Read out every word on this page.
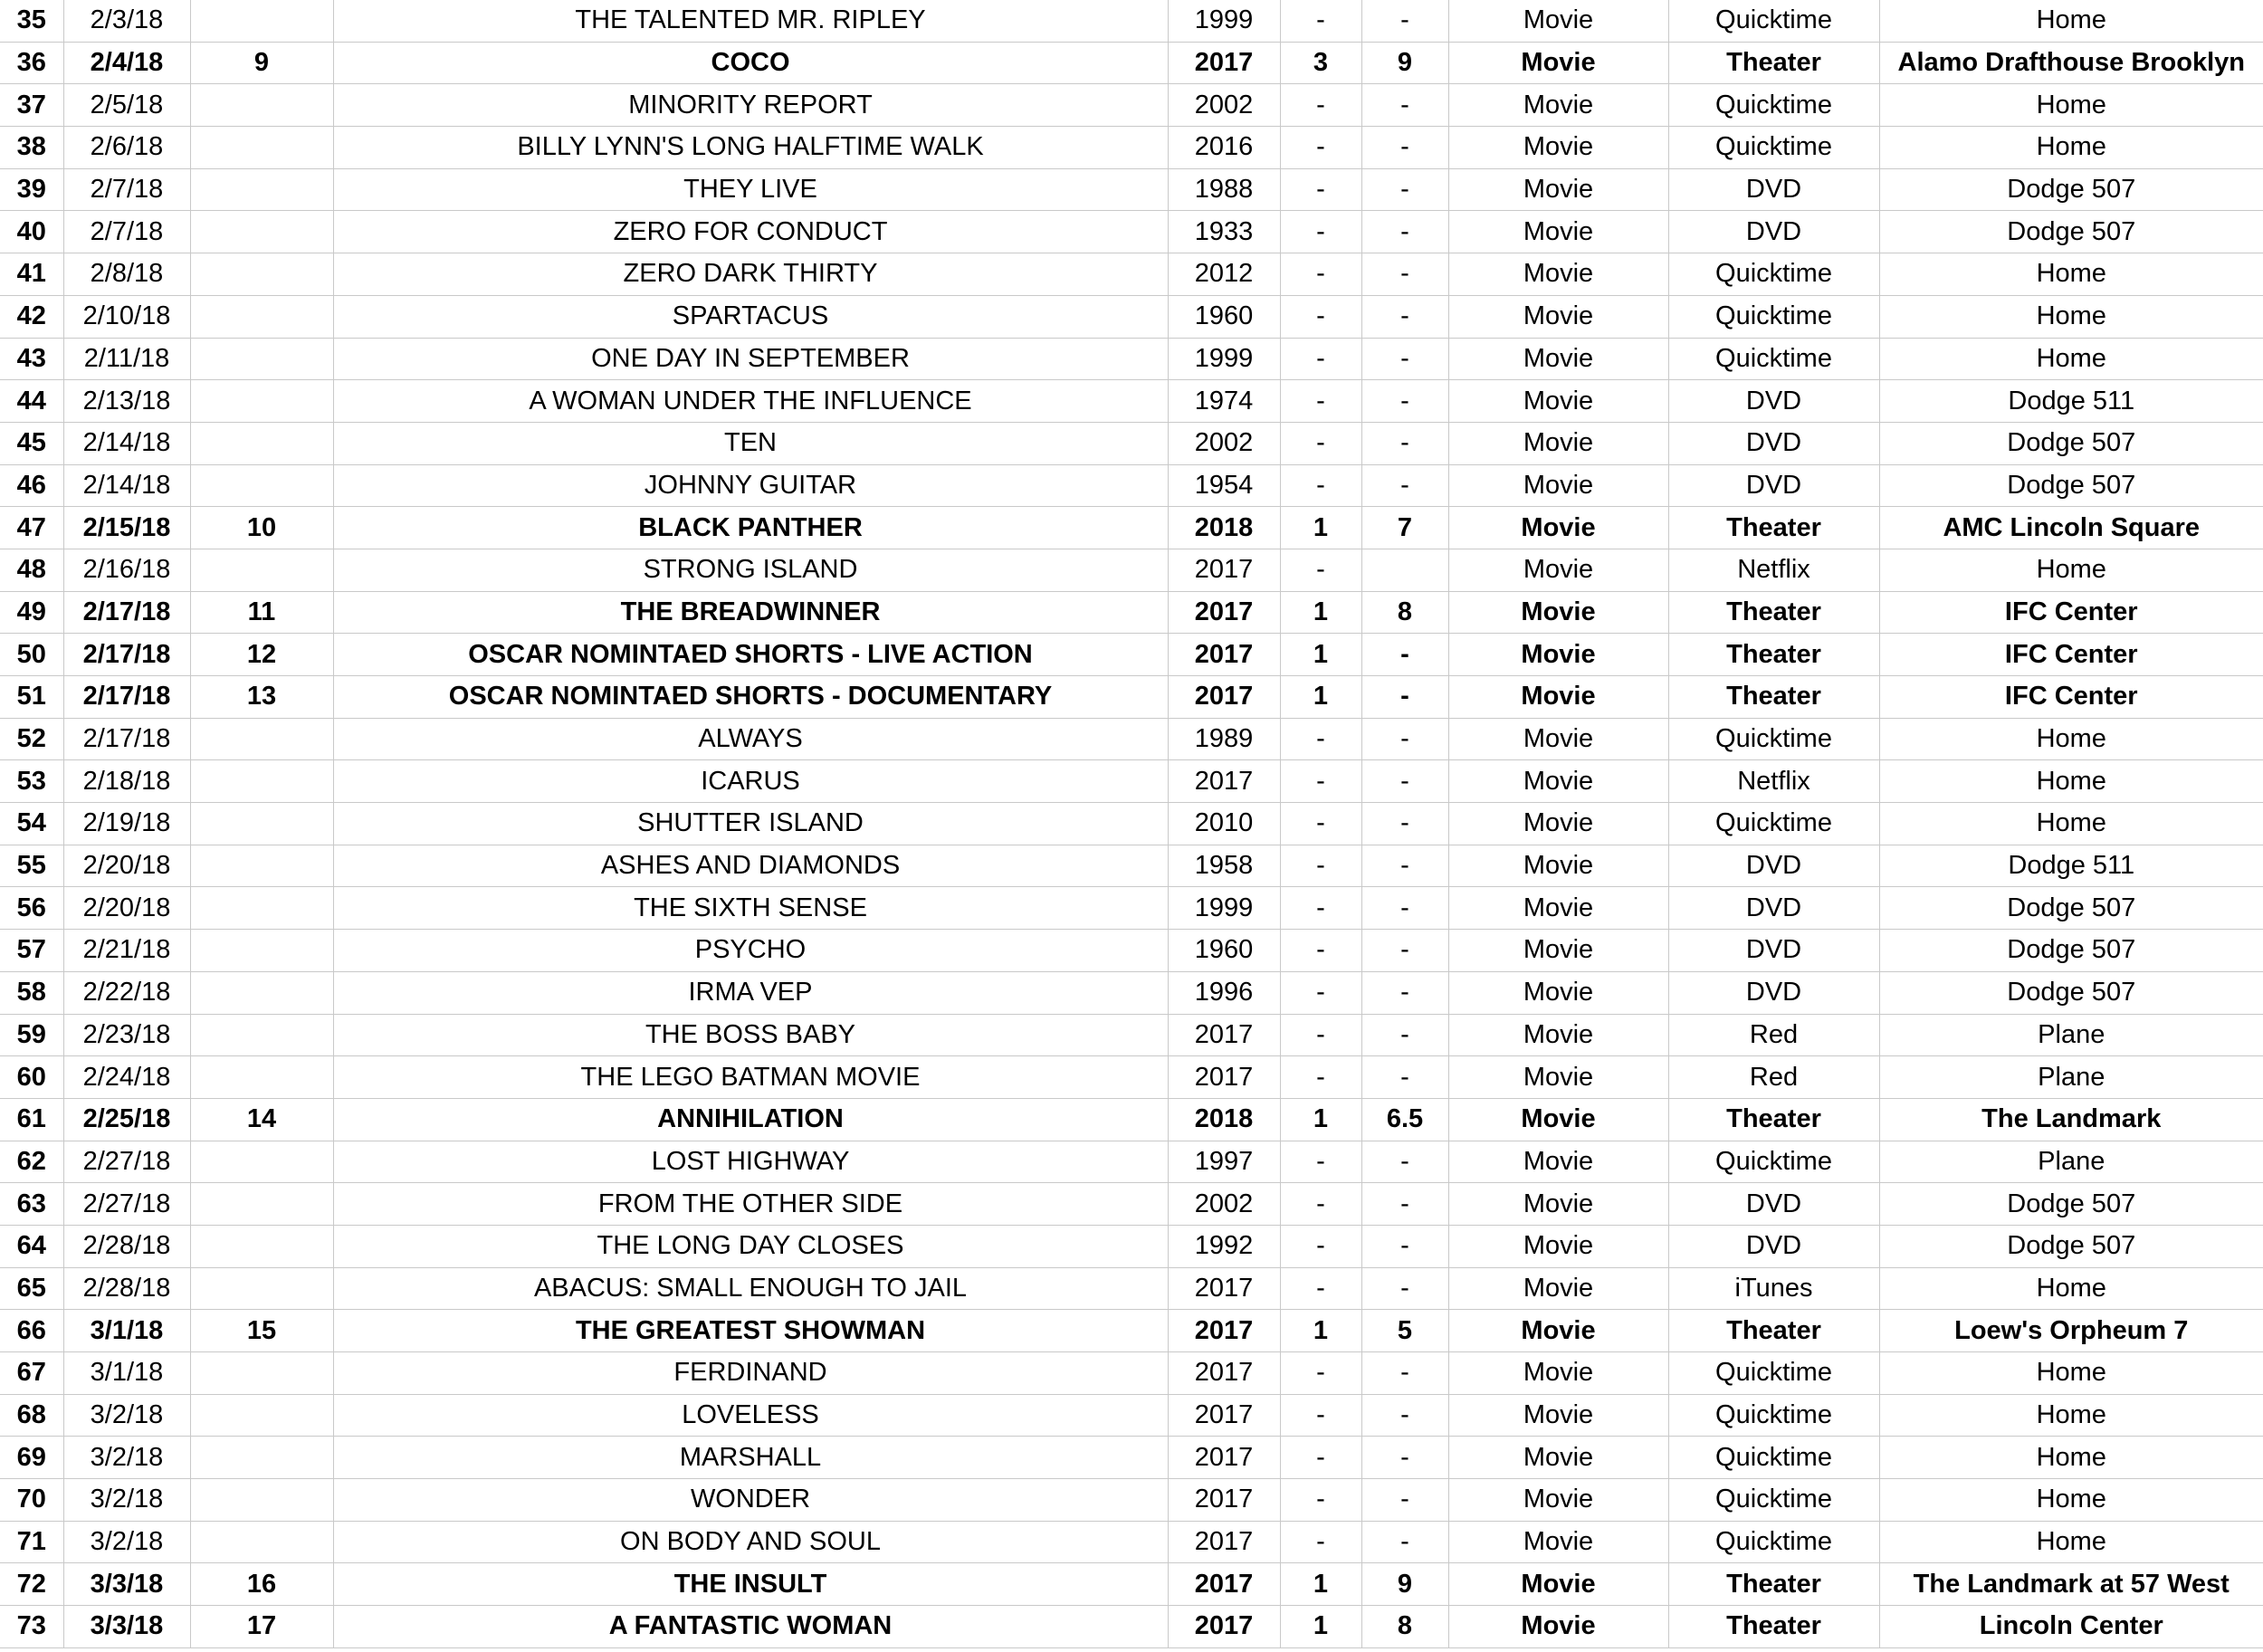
35	2/3/18		THE TALENTED MR. RIPLEY	1999	-	-	Movie	Quicktime	Home
36	2/4/18	9	COCO	2017	3	9	Movie	Theater	Alamo Drafthouse Brooklyn
37	2/5/18		MINORITY REPORT	2002	-	-	Movie	Quicktime	Home
38	2/6/18		BILLY LYNN'S LONG HALFTIME WALK	2016	-	-	Movie	Quicktime	Home
39	2/7/18		THEY LIVE	1988	-	-	Movie	DVD	Dodge 507
40	2/7/18		ZERO FOR CONDUCT	1933	-	-	Movie	DVD	Dodge 507
41	2/8/18		ZERO DARK THIRTY	2012	-	-	Movie	Quicktime	Home
42	2/10/18		SPARTACUS	1960	-	-	Movie	Quicktime	Home
43	2/11/18		ONE DAY IN SEPTEMBER	1999	-	-	Movie	Quicktime	Home
44	2/13/18		A WOMAN UNDER THE INFLUENCE	1974	-	-	Movie	DVD	Dodge 511
45	2/14/18		TEN	2002	-	-	Movie	DVD	Dodge 507
46	2/14/18		JOHNNY GUITAR	1954	-	-	Movie	DVD	Dodge 507
47	2/15/18	10	BLACK PANTHER	2018	1	7	Movie	Theater	AMC Lincoln Square
48	2/16/18		STRONG ISLAND	2017	-		Movie	Netflix	Home
49	2/17/18	11	THE BREADWINNER	2017	1	8	Movie	Theater	IFC Center
50	2/17/18	12	OSCAR NOMINTAED SHORTS - LIVE ACTION	2017	1	-	Movie	Theater	IFC Center
51	2/17/18	13	OSCAR NOMINTAED SHORTS - DOCUMENTARY	2017	1	-	Movie	Theater	IFC Center
52	2/17/18		ALWAYS	1989	-	-	Movie	Quicktime	Home
53	2/18/18		ICARUS	2017	-	-	Movie	Netflix	Home
54	2/19/18		SHUTTER ISLAND	2010	-	-	Movie	Quicktime	Home
55	2/20/18		ASHES AND DIAMONDS	1958	-	-	Movie	DVD	Dodge 511
56	2/20/18		THE SIXTH SENSE	1999	-	-	Movie	DVD	Dodge 507
57	2/21/18		PSYCHO	1960	-	-	Movie	DVD	Dodge 507
58	2/22/18		IRMA VEP	1996	-	-	Movie	DVD	Dodge 507
59	2/23/18		THE BOSS BABY	2017	-	-	Movie	Red	Plane
60	2/24/18		THE LEGO BATMAN MOVIE	2017	-	-	Movie	Red	Plane
61	2/25/18	14	ANNIHILATION	2018	1	6.5	Movie	Theater	The Landmark
62	2/27/18		LOST HIGHWAY	1997	-	-	Movie	Quicktime	Plane
63	2/27/18		FROM THE OTHER SIDE	2002	-	-	Movie	DVD	Dodge 507
64	2/28/18		THE LONG DAY CLOSES	1992	-	-	Movie	DVD	Dodge 507
65	2/28/18		ABACUS: SMALL ENOUGH TO JAIL	2017	-	-	Movie	iTunes	Home
66	3/1/18	15	THE GREATEST SHOWMAN	2017	1	5	Movie	Theater	Loew's Orpheum 7
67	3/1/18		FERDINAND	2017	-	-	Movie	Quicktime	Home
68	3/2/18		LOVELESS	2017	-	-	Movie	Quicktime	Home
69	3/2/18		MARSHALL	2017	-	-	Movie	Quicktime	Home
70	3/2/18		WONDER	2017	-	-	Movie	Quicktime	Home
71	3/2/18		ON BODY AND SOUL	2017	-	-	Movie	Quicktime	Home
72	3/3/18	16	THE INSULT	2017	1	9	Movie	Theater	The Landmark at 57 West
73	3/3/18	17	A FANTASTIC WOMAN	2017	1	8	Movie	Theater	Lincoln Center
